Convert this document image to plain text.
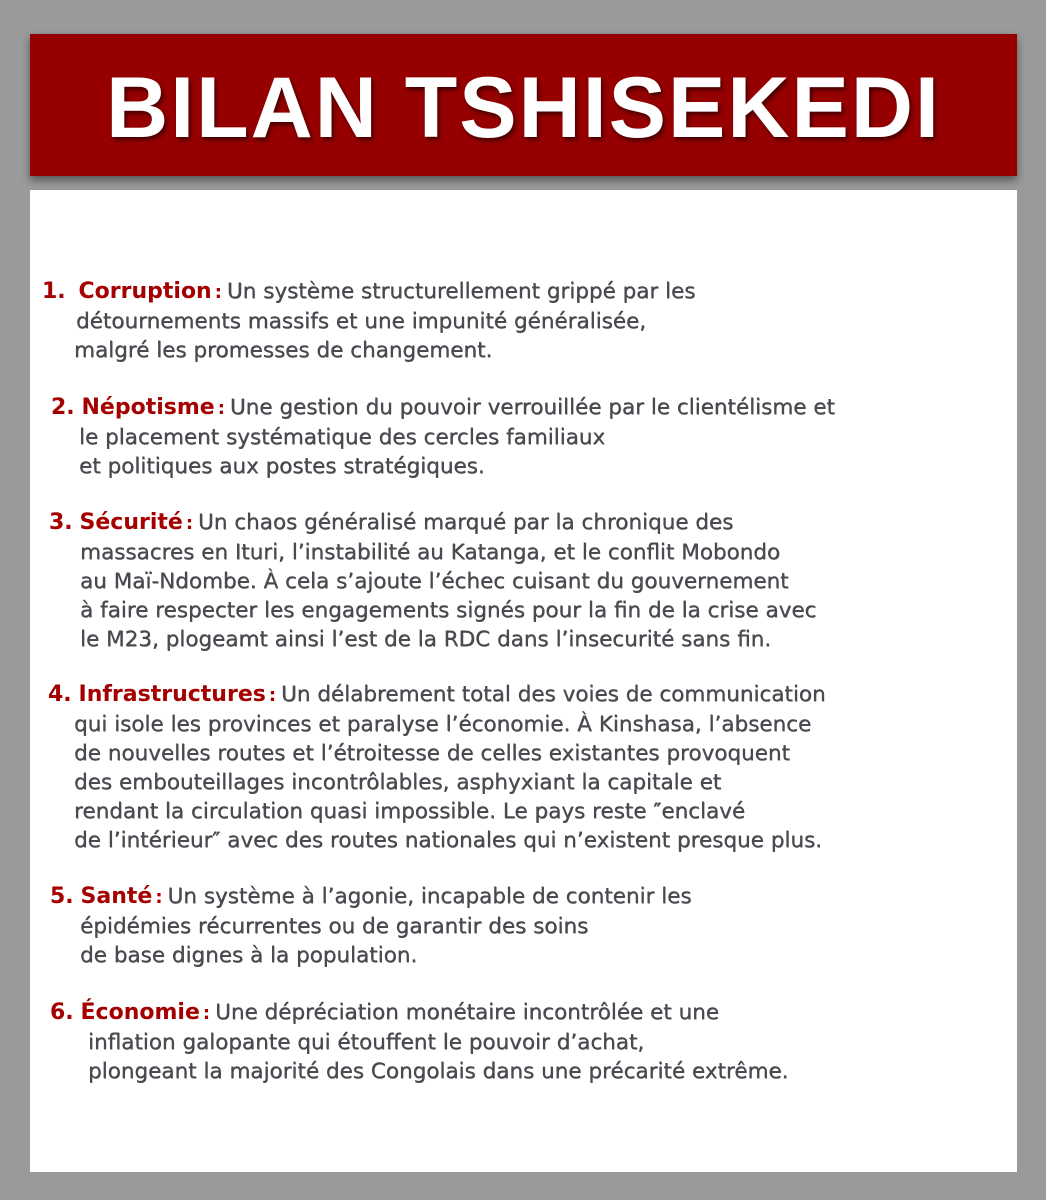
BILAN TSHISEKEDI
1. Corruption : Un système structurellement grippé par les
détournements massifs et une impunité généralisée,
malgré les promesses de changement.
2. Népotisme : Une gestion du pouvoir verrouillée par le clientélisme et
le placement systématique des cercles familiaux
et politiques aux postes stratégiques.
3. Sécurité : Un chaos généralisé marqué par la chronique des
massacres en Ituri, l’instabilité au Katanga, et le conflit Mobondo
au Maï-Ndombe. À cela s’ajoute l’échec cuisant du gouvernement
à faire respecter les engagements signés pour la fin de la crise avec
le M23, plogeamt ainsi l’est de la RDC dans l’insecurité sans fin.
4. Infrastructures : Un délabrement total des voies de communication
qui isole les provinces et paralyse l’économie. À Kinshasa, l’absence
de nouvelles routes et l’étroitesse de celles existantes provoquent
des embouteillages incontrôlables, asphyxiant la capitale et
rendant la circulation quasi impossible. Le pays reste ″enclavé
de l’intérieur″ avec des routes nationales qui n’existent presque plus.
5. Santé : Un système à l’agonie, incapable de contenir les
épidémies récurrentes ou de garantir des soins
de base dignes à la population.
6. Économie : Une dépréciation monétaire incontrôlée et une
inflation galopante qui étouffent le pouvoir d’achat,
plongeant la majorité des Congolais dans une précarité extrême.
